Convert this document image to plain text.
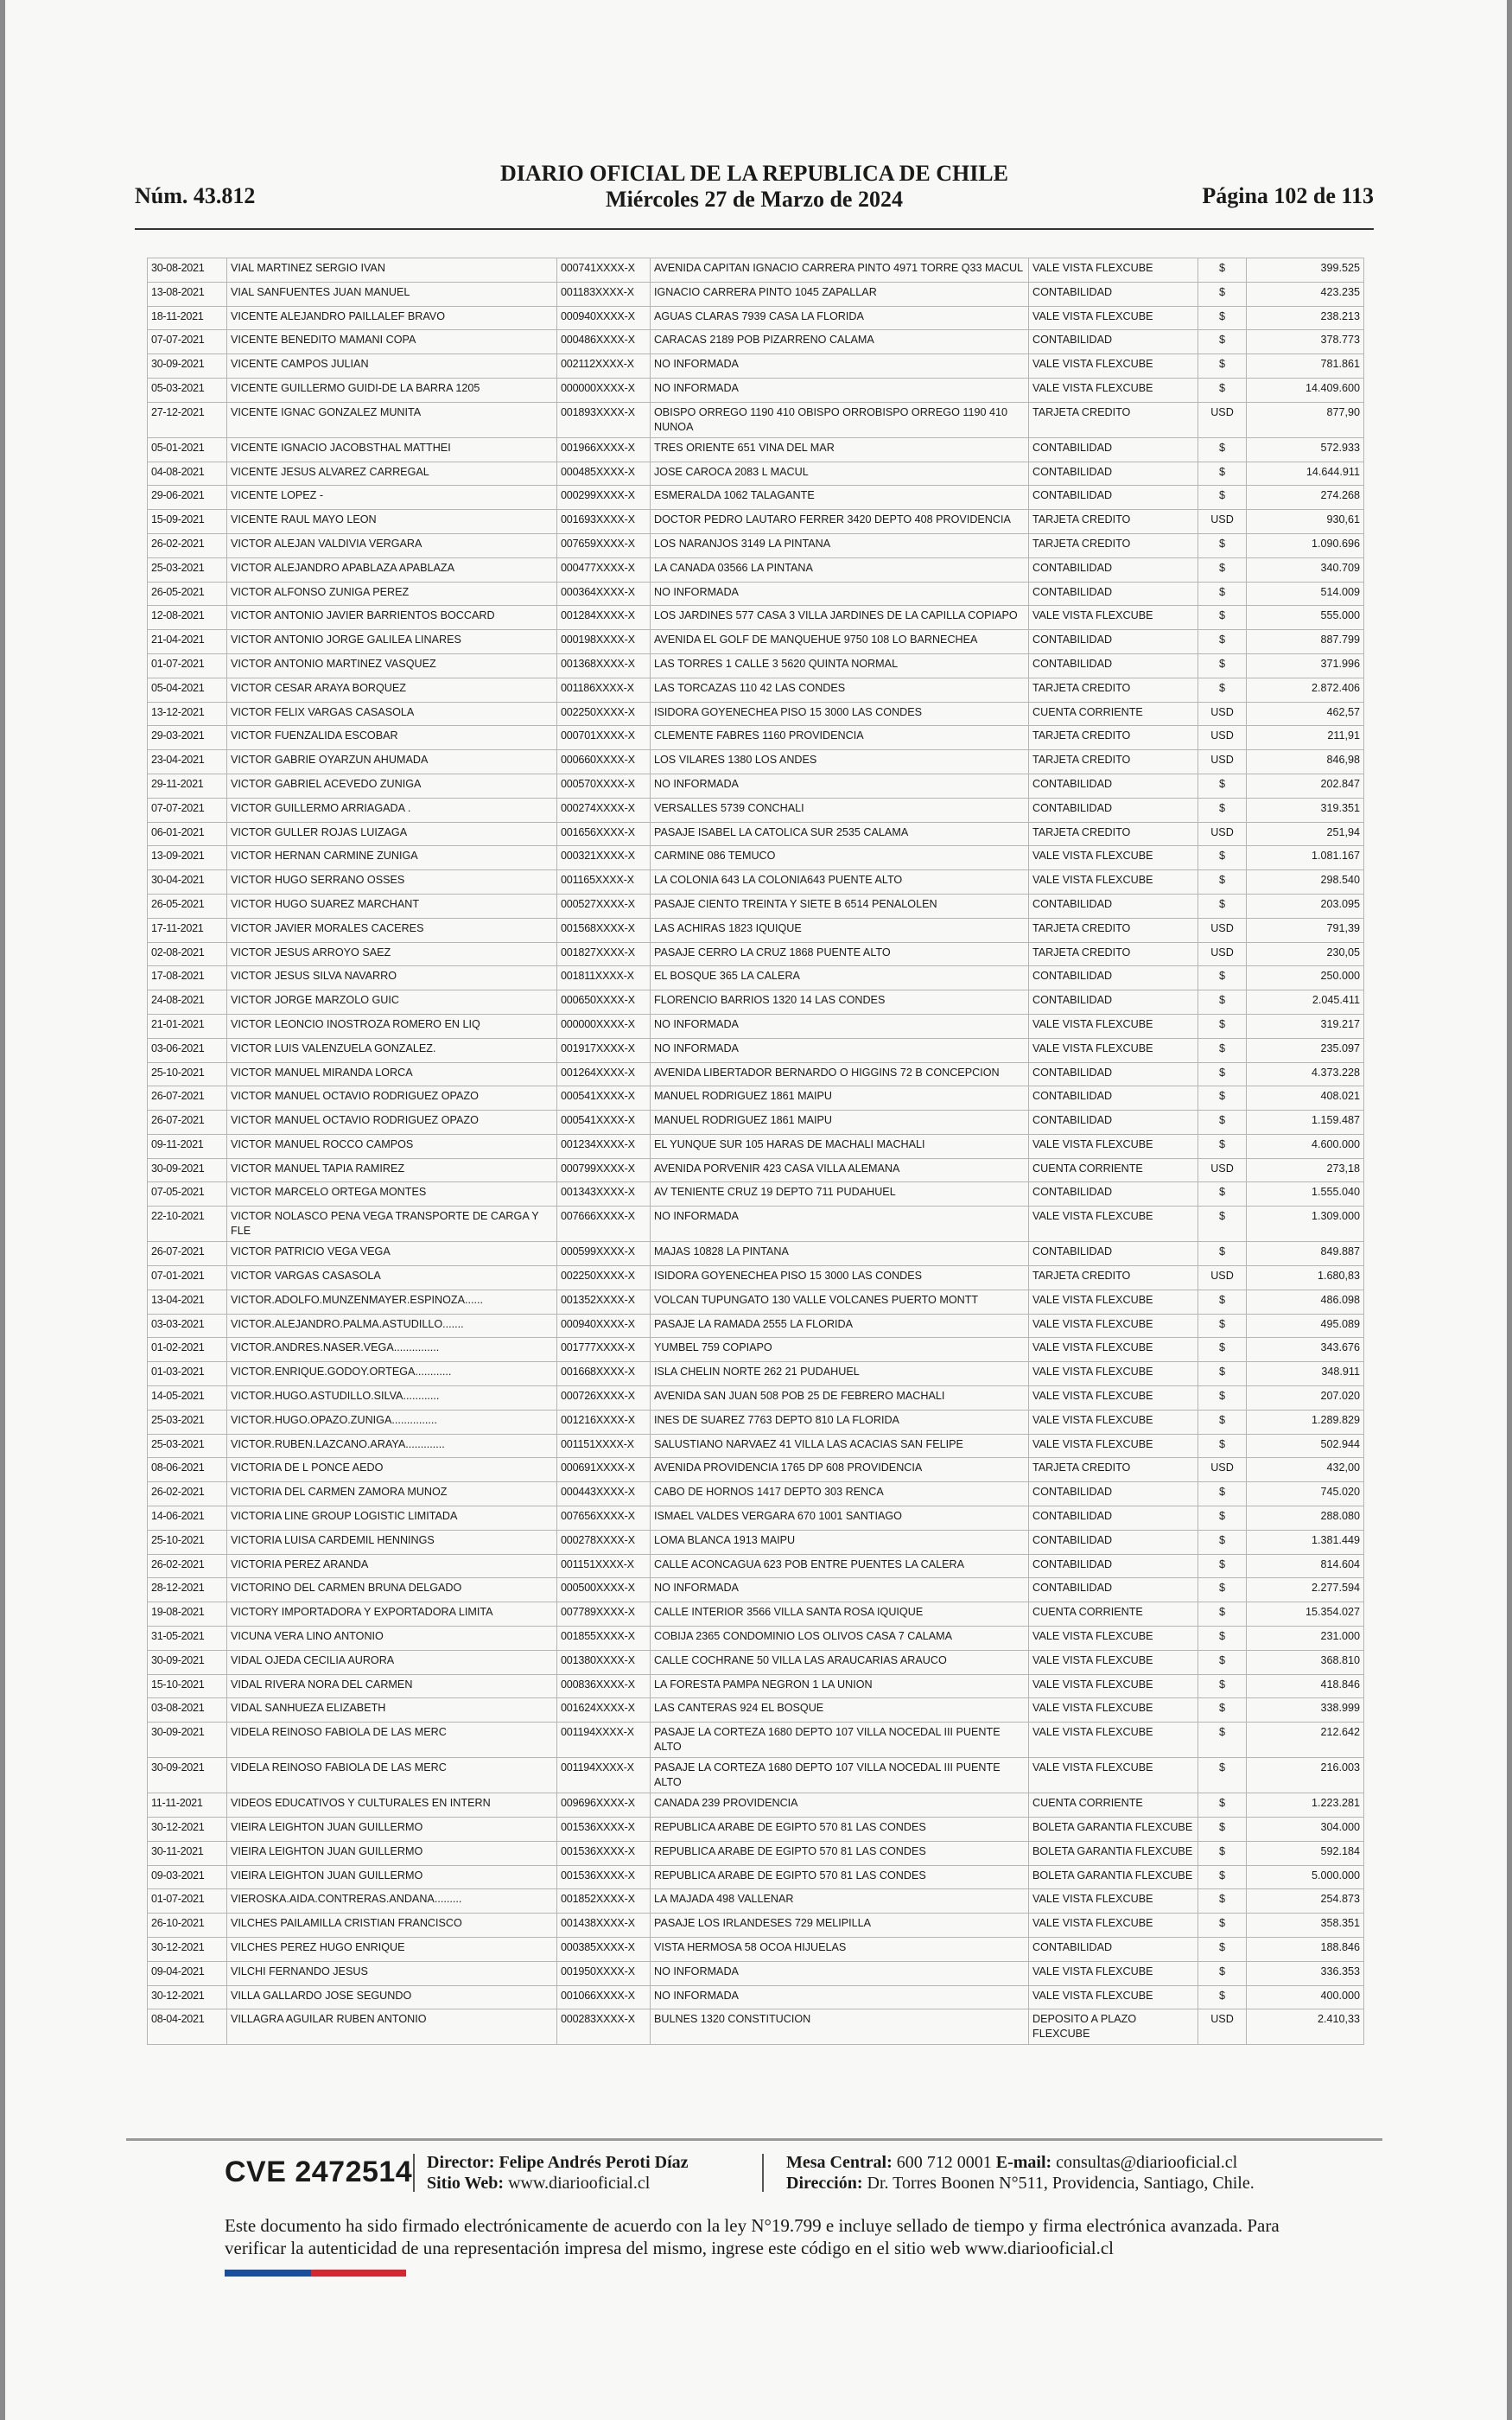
Núm. 43.812
DIARIO OFICIAL DE LA REPUBLICA DE CHILE
Miércoles 27 de Marzo de 2024	Página 102 de 113
30-08-2021	VIAL MARTINEZ SERGIO IVAN	000741XXXX-X	AVENIDA CAPITAN IGNACIO CARRERA PINTO 4971 TORRE Q33 MACUL	VALE VISTA FLEXCUBE	$	399.525
13-08-2021	VIAL SANFUENTES JUAN MANUEL	001183XXXX-X	IGNACIO CARRERA PINTO 1045 ZAPALLAR	CONTABILIDAD	$	423.235
18-11-2021	VICENTE ALEJANDRO PAILLALEF BRAVO	000940XXXX-X	AGUAS CLARAS 7939 CASA LA FLORIDA	VALE VISTA FLEXCUBE	$	238.213
07-07-2021	VICENTE BENEDITO MAMANI COPA	000486XXXX-X	CARACAS 2189 POB PIZARRENO CALAMA	CONTABILIDAD	$	378.773
30-09-2021	VICENTE CAMPOS JULIAN	002112XXXX-X	NO INFORMADA	VALE VISTA FLEXCUBE	$	781.861
05-03-2021	VICENTE GUILLERMO GUIDI-DE LA BARRA 1205	000000XXXX-X	NO INFORMADA	VALE VISTA FLEXCUBE	$	14.409.600
27-12-2021	VICENTE IGNAC GONZALEZ MUNITA	001893XXXX-X	OBISPO ORREGO 1190 410 OBISPO ORROBISPO ORREGO 1190 410 NUNOA	TARJETA CREDITO	USD	877,90
05-01-2021	VICENTE IGNACIO JACOBSTHAL MATTHEI	001966XXXX-X	TRES ORIENTE 651 VINA DEL MAR	CONTABILIDAD	$	572.933
04-08-2021	VICENTE JESUS ALVAREZ CARREGAL	000485XXXX-X	JOSE CAROCA 2083 L MACUL	CONTABILIDAD	$	14.644.911
29-06-2021	VICENTE LOPEZ -	000299XXXX-X	ESMERALDA 1062 TALAGANTE	CONTABILIDAD	$	274.268
15-09-2021	VICENTE RAUL MAYO LEON	001693XXXX-X	DOCTOR PEDRO LAUTARO FERRER 3420 DEPTO 408 PROVIDENCIA	TARJETA CREDITO	USD	930,61
26-02-2021	VICTOR ALEJAN VALDIVIA VERGARA	007659XXXX-X	LOS NARANJOS 3149 LA PINTANA	TARJETA CREDITO	$	1.090.696
25-03-2021	VICTOR ALEJANDRO APABLAZA APABLAZA	000477XXXX-X	LA CANADA 03566 LA PINTANA	CONTABILIDAD	$	340.709
26-05-2021	VICTOR ALFONSO ZUNIGA PEREZ	000364XXXX-X	NO INFORMADA	CONTABILIDAD	$	514.009
12-08-2021	VICTOR ANTONIO JAVIER BARRIENTOS BOCCARD	001284XXXX-X	LOS JARDINES 577 CASA 3 VILLA JARDINES DE LA CAPILLA COPIAPO	VALE VISTA FLEXCUBE	$	555.000
21-04-2021	VICTOR ANTONIO JORGE GALILEA LINARES	000198XXXX-X	AVENIDA EL GOLF DE MANQUEHUE 9750 108 LO BARNECHEA	CONTABILIDAD	$	887.799
01-07-2021	VICTOR ANTONIO MARTINEZ VASQUEZ	001368XXXX-X	LAS TORRES 1 CALLE 3 5620 QUINTA NORMAL	CONTABILIDAD	$	371.996
05-04-2021	VICTOR CESAR ARAYA BORQUEZ	001186XXXX-X	LAS TORCAZAS 110 42 LAS CONDES	TARJETA CREDITO	$	2.872.406
13-12-2021	VICTOR FELIX VARGAS CASASOLA	002250XXXX-X	ISIDORA GOYENECHEA PISO 15 3000 LAS CONDES	CUENTA CORRIENTE	USD	462,57
29-03-2021	VICTOR FUENZALIDA ESCOBAR	000701XXXX-X	CLEMENTE FABRES 1160 PROVIDENCIA	TARJETA CREDITO	USD	211,91
23-04-2021	VICTOR GABRIE OYARZUN AHUMADA	000660XXXX-X	LOS VILARES 1380 LOS ANDES	TARJETA CREDITO	USD	846,98
29-11-2021	VICTOR GABRIEL ACEVEDO ZUNIGA	000570XXXX-X	NO INFORMADA	CONTABILIDAD	$	202.847
07-07-2021	VICTOR GUILLERMO ARRIAGADA .	000274XXXX-X	VERSALLES 5739 CONCHALI	CONTABILIDAD	$	319.351
06-01-2021	VICTOR GULLER ROJAS LUIZAGA	001656XXXX-X	PASAJE ISABEL LA CATOLICA SUR 2535 CALAMA	TARJETA CREDITO	USD	251,94
13-09-2021	VICTOR HERNAN CARMINE ZUNIGA	000321XXXX-X	CARMINE 086 TEMUCO	VALE VISTA FLEXCUBE	$	1.081.167
30-04-2021	VICTOR HUGO SERRANO OSSES	001165XXXX-X	LA COLONIA 643 LA COLONIA643 PUENTE ALTO	VALE VISTA FLEXCUBE	$	298.540
26-05-2021	VICTOR HUGO SUAREZ MARCHANT	000527XXXX-X	PASAJE CIENTO TREINTA Y SIETE B 6514 PENALOLEN	CONTABILIDAD	$	203.095
17-11-2021	VICTOR JAVIER MORALES CACERES	001568XXXX-X	LAS ACHIRAS 1823 IQUIQUE	TARJETA CREDITO	USD	791,39
02-08-2021	VICTOR JESUS ARROYO SAEZ	001827XXXX-X	PASAJE CERRO LA CRUZ 1868 PUENTE ALTO	TARJETA CREDITO	USD	230,05
17-08-2021	VICTOR JESUS SILVA NAVARRO	001811XXXX-X	EL BOSQUE 365 LA CALERA	CONTABILIDAD	$	250.000
24-08-2021	VICTOR JORGE MARZOLO GUIC	000650XXXX-X	FLORENCIO BARRIOS 1320 14 LAS CONDES	CONTABILIDAD	$	2.045.411
21-01-2021	VICTOR LEONCIO INOSTROZA ROMERO EN LIQ	000000XXXX-X	NO INFORMADA	VALE VISTA FLEXCUBE	$	319.217
03-06-2021	VICTOR LUIS VALENZUELA GONZALEZ.	001917XXXX-X	NO INFORMADA	VALE VISTA FLEXCUBE	$	235.097
25-10-2021	VICTOR MANUEL MIRANDA LORCA	001264XXXX-X	AVENIDA LIBERTADOR BERNARDO O HIGGINS 72 B CONCEPCION	CONTABILIDAD	$	4.373.228
26-07-2021	VICTOR MANUEL OCTAVIO RODRIGUEZ OPAZO	000541XXXX-X	MANUEL RODRIGUEZ 1861 MAIPU	CONTABILIDAD	$	408.021
26-07-2021	VICTOR MANUEL OCTAVIO RODRIGUEZ OPAZO	000541XXXX-X	MANUEL RODRIGUEZ 1861 MAIPU	CONTABILIDAD	$	1.159.487
09-11-2021	VICTOR MANUEL ROCCO CAMPOS	001234XXXX-X	EL YUNQUE SUR 105 HARAS DE MACHALI MACHALI	VALE VISTA FLEXCUBE	$	4.600.000
30-09-2021	VICTOR MANUEL TAPIA RAMIREZ	000799XXXX-X	AVENIDA PORVENIR 423 CASA VILLA ALEMANA	CUENTA CORRIENTE	USD	273,18
07-05-2021	VICTOR MARCELO ORTEGA MONTES	001343XXXX-X	AV TENIENTE CRUZ 19 DEPTO 711 PUDAHUEL	CONTABILIDAD	$	1.555.040
22-10-2021	VICTOR NOLASCO PENA VEGA TRANSPORTE DE CARGA Y FLE	007666XXXX-X	NO INFORMADA	VALE VISTA FLEXCUBE	$	1.309.000
26-07-2021	VICTOR PATRICIO VEGA VEGA	000599XXXX-X	MAJAS 10828 LA PINTANA	CONTABILIDAD	$	849.887
07-01-2021	VICTOR VARGAS CASASOLA	002250XXXX-X	ISIDORA GOYENECHEA PISO 15 3000 LAS CONDES	TARJETA CREDITO	USD	1.680,83
13-04-2021	VICTOR.ADOLFO.MUNZENMAYER.ESPINOZA......	001352XXXX-X	VOLCAN TUPUNGATO 130 VALLE VOLCANES PUERTO MONTT	VALE VISTA FLEXCUBE	$	486.098
03-03-2021	VICTOR.ALEJANDRO.PALMA.ASTUDILLO.......	000940XXXX-X	PASAJE LA RAMADA 2555 LA FLORIDA	VALE VISTA FLEXCUBE	$	495.089
01-02-2021	VICTOR.ANDRES.NASER.VEGA...............	001777XXXX-X	YUMBEL 759 COPIAPO	VALE VISTA FLEXCUBE	$	343.676
01-03-2021	VICTOR.ENRIQUE.GODOY.ORTEGA............	001668XXXX-X	ISLA CHELIN NORTE 262 21 PUDAHUEL	VALE VISTA FLEXCUBE	$	348.911
14-05-2021	VICTOR.HUGO.ASTUDILLO.SILVA............	000726XXXX-X	AVENIDA SAN JUAN 508 POB 25 DE FEBRERO MACHALI	VALE VISTA FLEXCUBE	$	207.020
25-03-2021	VICTOR.HUGO.OPAZO.ZUNIGA...............	001216XXXX-X	INES DE SUAREZ 7763 DEPTO 810 LA FLORIDA	VALE VISTA FLEXCUBE	$	1.289.829
25-03-2021	VICTOR.RUBEN.LAZCANO.ARAYA.............	001151XXXX-X	SALUSTIANO NARVAEZ 41 VILLA LAS ACACIAS SAN FELIPE	VALE VISTA FLEXCUBE	$	502.944
08-06-2021	VICTORIA DE L PONCE AEDO	000691XXXX-X	AVENIDA PROVIDENCIA 1765 DP 608 PROVIDENCIA	TARJETA CREDITO	USD	432,00
26-02-2021	VICTORIA DEL CARMEN ZAMORA MUNOZ	000443XXXX-X	CABO DE HORNOS 1417 DEPTO 303 RENCA	CONTABILIDAD	$	745.020
14-06-2021	VICTORIA LINE GROUP LOGISTIC LIMITADA	007656XXXX-X	ISMAEL VALDES VERGARA 670 1001 SANTIAGO	CONTABILIDAD	$	288.080
25-10-2021	VICTORIA LUISA CARDEMIL HENNINGS	000278XXXX-X	LOMA BLANCA 1913 MAIPU	CONTABILIDAD	$	1.381.449
26-02-2021	VICTORIA PEREZ ARANDA	001151XXXX-X	CALLE ACONCAGUA 623 POB ENTRE PUENTES LA CALERA	CONTABILIDAD	$	814.604
28-12-2021	VICTORINO DEL CARMEN BRUNA DELGADO	000500XXXX-X	NO INFORMADA	CONTABILIDAD	$	2.277.594
19-08-2021	VICTORY IMPORTADORA Y EXPORTADORA LIMITA	007789XXXX-X	CALLE INTERIOR 3566 VILLA SANTA ROSA IQUIQUE	CUENTA CORRIENTE	$	15.354.027
31-05-2021	VICUNA VERA LINO ANTONIO	001855XXXX-X	COBIJA 2365 CONDOMINIO LOS OLIVOS CASA 7 CALAMA	VALE VISTA FLEXCUBE	$	231.000
30-09-2021	VIDAL OJEDA CECILIA AURORA	001380XXXX-X	CALLE COCHRANE 50 VILLA LAS ARAUCARIAS ARAUCO	VALE VISTA FLEXCUBE	$	368.810
15-10-2021	VIDAL RIVERA NORA DEL CARMEN	000836XXXX-X	LA FORESTA PAMPA NEGRON 1 LA UNION	VALE VISTA FLEXCUBE	$	418.846
03-08-2021	VIDAL SANHUEZA ELIZABETH	001624XXXX-X	LAS CANTERAS 924 EL BOSQUE	VALE VISTA FLEXCUBE	$	338.999
30-09-2021	VIDELA REINOSO FABIOLA DE LAS MERC	001194XXXX-X	PASAJE LA CORTEZA 1680 DEPTO 107 VILLA NOCEDAL III PUENTE ALTO	VALE VISTA FLEXCUBE	$	212.642
30-09-2021	VIDELA REINOSO FABIOLA DE LAS MERC	001194XXXX-X	PASAJE LA CORTEZA 1680 DEPTO 107 VILLA NOCEDAL III PUENTE ALTO	VALE VISTA FLEXCUBE	$	216.003
11-11-2021	VIDEOS EDUCATIVOS Y CULTURALES EN INTERN	009696XXXX-X	CANADA 239 PROVIDENCIA	CUENTA CORRIENTE	$	1.223.281
30-12-2021	VIEIRA LEIGHTON JUAN GUILLERMO	001536XXXX-X	REPUBLICA ARABE DE EGIPTO 570 81 LAS CONDES	BOLETA GARANTIA FLEXCUBE	$	304.000
30-11-2021	VIEIRA LEIGHTON JUAN GUILLERMO	001536XXXX-X	REPUBLICA ARABE DE EGIPTO 570 81 LAS CONDES	BOLETA GARANTIA FLEXCUBE	$	592.184
09-03-2021	VIEIRA LEIGHTON JUAN GUILLERMO	001536XXXX-X	REPUBLICA ARABE DE EGIPTO 570 81 LAS CONDES	BOLETA GARANTIA FLEXCUBE	$	5.000.000
01-07-2021	VIEROSKA.AIDA.CONTRERAS.ANDANA.........	001852XXXX-X	LA MAJADA 498 VALLENAR	VALE VISTA FLEXCUBE	$	254.873
26-10-2021	VILCHES PAILAMILLA CRISTIAN FRANCISCO	001438XXXX-X	PASAJE LOS IRLANDESES 729 MELIPILLA	VALE VISTA FLEXCUBE	$	358.351
30-12-2021	VILCHES PEREZ HUGO ENRIQUE	000385XXXX-X	VISTA HERMOSA 58 OCOA HIJUELAS	CONTABILIDAD	$	188.846
09-04-2021	VILCHI FERNANDO JESUS	001950XXXX-X	NO INFORMADA	VALE VISTA FLEXCUBE	$	336.353
30-12-2021	VILLA GALLARDO JOSE SEGUNDO	001066XXXX-X	NO INFORMADA	VALE VISTA FLEXCUBE	$	400.000
08-04-2021	VILLAGRA AGUILAR RUBEN ANTONIO	000283XXXX-X	BULNES 1320 CONSTITUCION	DEPOSITO A PLAZO FLEXCUBE	USD	2.410,33
CVE 2472514 Director: Felipe Andrés Peroti Díaz
Sitio Web: www.diariooficial.cl
Mesa Central: 600 712 0001 E-mail: consultas@diariooficial.cl
Dirección: Dr. Torres Boonen N°511, Providencia, Santiago, Chile.
Este documento ha sido firmado electrónicamente de acuerdo con la ley N°19.799 e incluye sellado de tiempo y firma electrónica avanzada. Para verificar la autenticidad de una representación impresa del mismo, ingrese este código en el sitio web www.diariooficial.cl
